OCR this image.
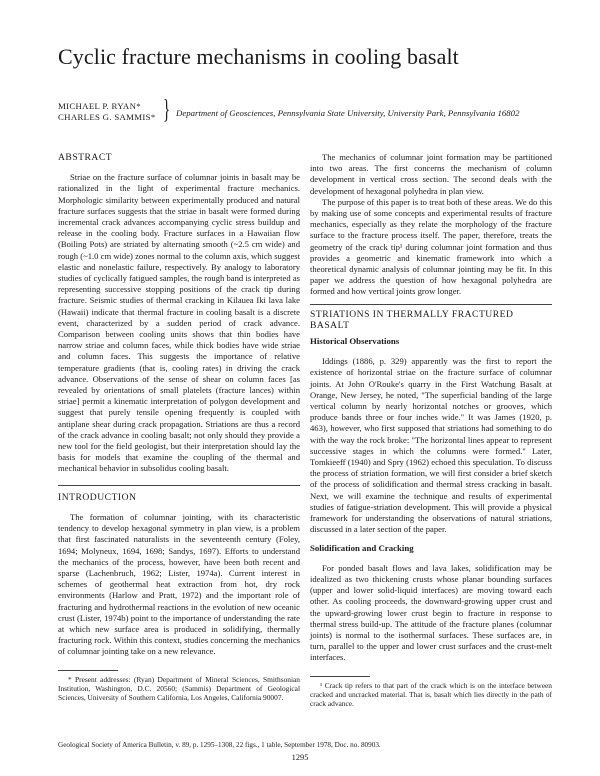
Cyclic fracture mechanisms in cooling basalt
MICHAEL P. RYAN*
CHARLES G. SAMMIS* } Department of Geosciences, Pennsylvania State University, University Park, Pennsylvania 16802
ABSTRACT

Striae on the fracture surface of columnar joints in basalt may be rationalized in the light of experimental fracture mechanics. Morphologic similarity between experimentally produced and natural fracture surfaces suggests that the striae in basalt were formed during incremental crack advances accompanying cyclic stress buildup and release in the cooling body. Fracture surfaces in a Hawaiian flow (Boiling Pots) are striated by alternating smooth (~2.5 cm wide) and rough (~1.0 cm wide) zones normal to the column axis, which suggest elastic and nonelastic failure, respectively. By analogy to laboratory studies of cyclically fatigued samples, the rough band is interpreted as representing successive stopping positions of the crack tip during fracture. Seismic studies of thermal cracking in Kilauea Iki lava lake (Hawaii) indicate that thermal fracture in cooling basalt is a discrete event, characterized by a sudden period of crack advance. Comparison between cooling units shows that thin bodies have narrow striae and column faces, while thick bodies have wide striae and column faces. This suggests the importance of relative temperature gradients (that is, cooling rates) in driving the crack advance. Observations of the sense of shear on column faces [as revealed by orientations of small platelets (fracture lances) within striae] permit a kinematic interpretation of polygon development and suggest that purely tensile opening frequently is coupled with antiplane shear during crack propagation. Striations are thus a record of the crack advance in cooling basalt; not only should they provide a new tool for the field geologist, but their interpretation should lay the basis for models that examine the coupling of the thermal and mechanical behavior in subsolidus cooling basalt.

INTRODUCTION

The formation of columnar jointing, with its characteristic tendency to develop hexagonal symmetry in plan view, is a problem that first fascinated naturalists in the seventeenth century (Foley, 1694; Molyneux, 1694, 1698; Sandys, 1697). Efforts to understand the mechanics of the process, however, have been both recent and sparse (Lachenbruch, 1962; Lister, 1974a). Current interest in schemes of geothermal heat extraction from hot, dry rock environments (Harlow and Pratt, 1972) and the important role of fracturing and hydrothermal reactions in the evolution of new oceanic crust (Lister, 1974b) point to the importance of understanding the rate at which new surface area is produced in solidifying, thermally fracturing rock. Within this context, studies concerning the mechanics of columnar jointing take on a new relevance.

* Present addresses: (Ryan) Department of Mineral Sciences, Smithsonian Institution, Washington, D.C. 20560; (Sammis) Department of Geological Sciences, University of Southern California, Los Angeles, California 90007.

The mechanics of columnar joint formation may be partitioned into two areas. The first concerns the mechanism of column development in vertical cross section. The second deals with the development of hexagonal polyhedra in plan view.

The purpose of this paper is to treat both of these areas. We do this by making use of some concepts and experimental results of fracture mechanics, especially as they relate the morphology of the fracture surface to the fracture process itself. The paper, therefore, treats the geometry of the crack tip¹ during columnar joint formation and thus provides a geometric and kinematic framework into which a theoretical dynamic analysis of columnar jointing may be fit. In this paper we address the question of how hexagonal polyhedra are formed and how vertical joints grow longer.

STRIATIONS IN THERMALLY FRACTURED BASALT
Historical Observations

Iddings (1886, p. 329) apparently was the first to report the existence of horizontal striae on the fracture surface of columnar joints. At John O'Rouke's quarry in the First Watchung Basalt at Orange, New Jersey, he noted, "The superficial banding of the large vertical column by nearly horizontal notches or grooves, which produce bands three or four inches wide." It was James (1920, p. 463), however, who first supposed that striations had something to do with the way the rock broke: "The horizontal lines appear to represent successive stages in which the columns were formed." Later, Tomkieeff (1940) and Spry (1962) echoed this speculation. To discuss the process of striation formation, we will first consider a brief sketch of the process of solidification and thermal stress cracking in basalt. Next, we will examine the technique and results of experimental studies of fatigue-striation development. This will provide a physical framework for understanding the observations of natural striations, discussed in a later section of the paper.

Solidification and Cracking

For ponded basalt flows and lava lakes, solidification may be idealized as two thickening crusts whose planar bounding surfaces (upper and lower solid-liquid interfaces) are moving toward each other. As cooling proceeds, the downward-growing upper crust and the upward-growing lower crust begin to fracture in response to thermal stress build-up. The attitude of the fracture planes (columnar joints) is normal to the isothermal surfaces. These surfaces are, in turn, parallel to the upper and lower crust surfaces and the crust-melt interfaces.

¹ Crack tip refers to that part of the crack which is on the interface between cracked and uncracked material. That is, basalt which lies directly in the path of crack advance.

Geological Society of America Bulletin, v. 89, p. 1295–1308, 22 figs., 1 table, September 1978, Doc. no. 80903.
1295
